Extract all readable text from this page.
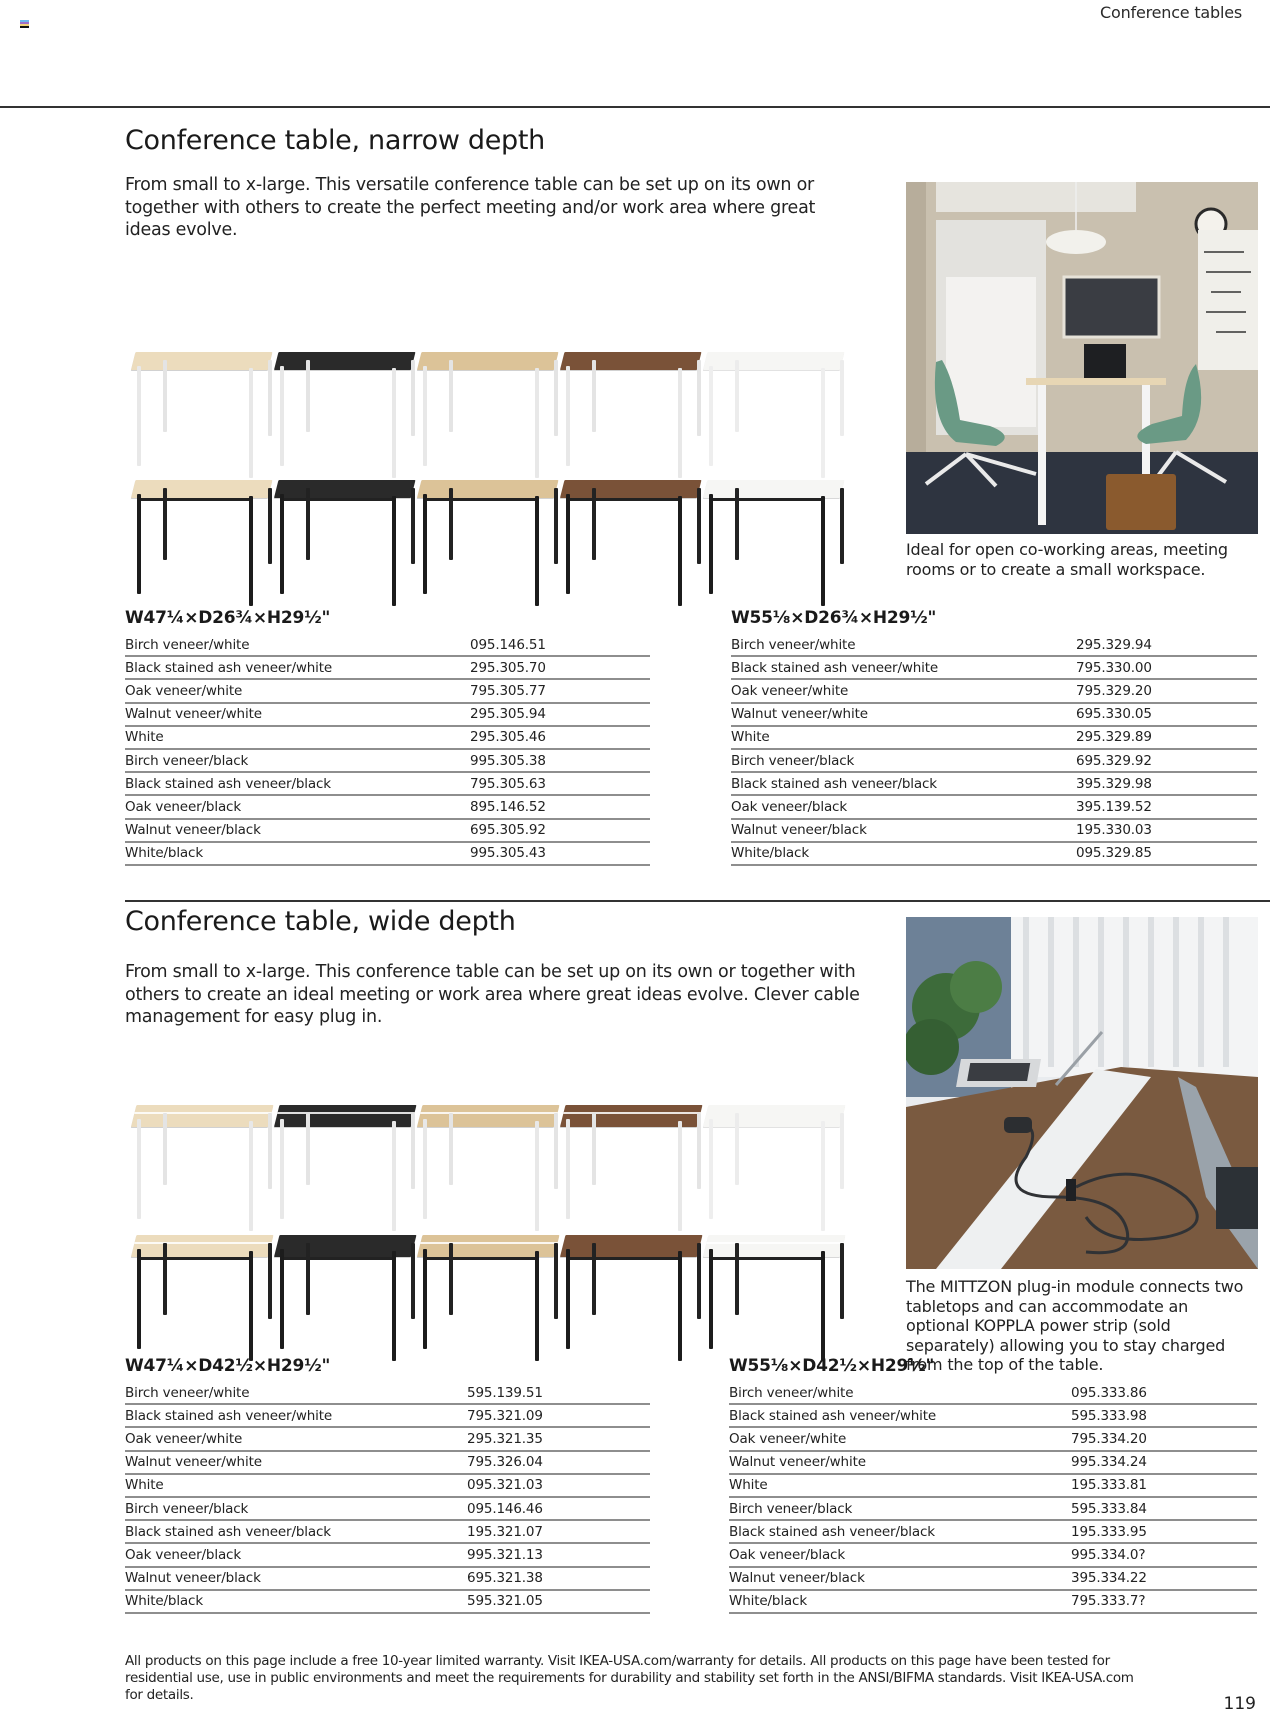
Conference tables
Conference table, narrow depth

From small to x-large. This versatile conference table can be set up on its own or together with others to create the perfect meeting and/or work area where great ideas evolve.

Ideal for open co-working areas, meeting rooms or to create a small workspace.

W47¼×D26¾×H29½"
Birch veneer/white	095.146.51
Black stained ash veneer/white	295.305.70
Oak veneer/white	795.305.77
Walnut veneer/white	295.305.94
White	295.305.46
Birch veneer/black	995.305.38
Black stained ash veneer/black	795.305.63
Oak veneer/black	895.146.52
Walnut veneer/black	695.305.92
White/black	995.305.43
W55⅛×D26¾×H29½"
Birch veneer/white	295.329.94
Black stained ash veneer/white	795.330.00
Oak veneer/white	795.329.20
Walnut veneer/white	695.330.05
White	295.329.89
Birch veneer/black	695.329.92
Black stained ash veneer/black	395.329.98
Oak veneer/black	395.139.52
Walnut veneer/black	195.330.03
White/black	095.329.85
Conference table, wide depth

From small to x-large. This conference table can be set up on its own or together with others to create an ideal meeting or work area where great ideas evolve. Clever cable management for easy plug in.

The MITTZON plug-in module connects two tabletops and can accommodate an optional KOPPLA power strip (sold separately) allowing you to stay charged from the top of the table.

W47¼×D42½×H29½"
Birch veneer/white	595.139.51
Black stained ash veneer/white	795.321.09
Oak veneer/white	295.321.35
Walnut veneer/white	795.326.04
White	095.321.03
Birch veneer/black	095.146.46
Black stained ash veneer/black	195.321.07
Oak veneer/black	995.321.13
Walnut veneer/black	695.321.38
White/black	595.321.05
W55⅛×D42½×H29½"
Birch veneer/white	095.333.86
Black stained ash veneer/white	595.333.98
Oak veneer/white	795.334.20
Walnut veneer/white	995.334.24
White	195.333.81
Birch veneer/black	595.333.84
Black stained ash veneer/black	195.333.95
Oak veneer/black	995.334.0?
Walnut veneer/black	395.334.22
White/black	795.333.7?

All products on this page include a free 10-year limited warranty. Visit IKEA-USA.com/warranty for details. All products on this page have been tested for residential use, use in public environments and meet the requirements for durability and stability set forth in the ANSI/BIFMA standards. Visit IKEA-USA.com for details.	119
